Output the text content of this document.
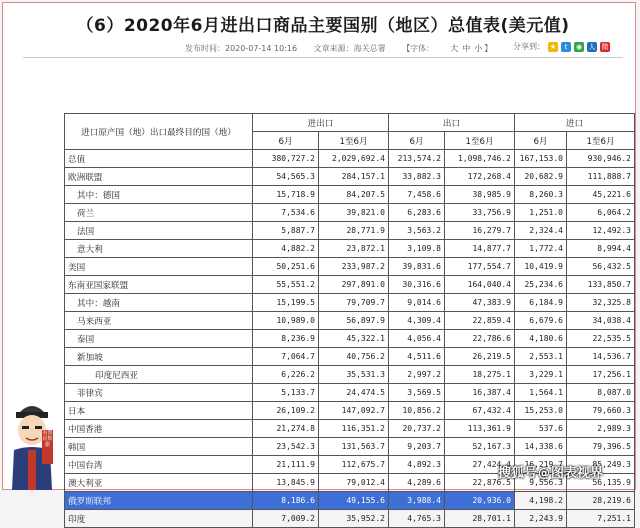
（6）2020年6月进出口商品主要国别（地区）总值表(美元值)
发布时间：2020-07-14 10:16 文章来源：海关总署 【字体： 大 中 小 】	分享到： ★	t	◉ 人 微
进口原产国（地）出口最终目的国（地）	进出口		出口		进口	
	6月	1至6月	6月	1至6月	6月	1至6月
总值	380,727.2	2,029,692.4	213,574.2	1,098,746.2	167,153.0	930,946.2
欧洲联盟	54,565.3	284,157.1	33,882.3	172,268.4	20,682.9	111,888.7
其中：德国	15,718.9	84,207.5	7,458.6	38,985.9	8,260.3	45,221.6
荷兰	7,534.6	39,821.0	6,283.6	33,756.9	1,251.0	6,064.2
法国	5,887.7	28,771.9	3,563.2	16,279.7	2,324.4	12,492.3
意大利	4,882.2	23,872.1	3,109.8	14,877.7	1,772.4	8,994.4
美国	50,251.6	233,987.2	39,831.6	177,554.7	10,419.9	56,432.5
东南亚国家联盟	55,551.2	297,891.0	30,316.6	164,040.4	25,234.6	133,850.7
其中：越南	15,199.5	79,709.7	9,014.6	47,383.9	6,184.9	32,325.8
马来西亚	10,989.0	56,897.9	4,309.4	22,859.4	6,679.6	34,038.4
泰国	8,236.9	45,322.1	4,056.4	22,786.6	4,180.6	22,535.5
新加坡	7,064.7	40,756.2	4,511.6	26,219.5	2,553.1	14,536.7
印度尼西亚	6,226.2	35,531.3	2,997.2	18,275.1	3,229.1	17,256.1
菲律宾	5,133.7	24,474.5	3,569.5	16,387.4	1,564.1	8,087.0
日本	26,109.2	147,092.7	10,856.2	67,432.4	15,253.0	79,660.3
中国香港	21,274.8	116,351.2	20,737.2	113,361.9	537.6	2,989.3
韩国	23,542.3	131,563.7	9,203.7	52,167.3	14,338.6	79,396.5
中国台湾	21,111.9	112,675.7	4,892.3	27,424.4	16,219.7	85,249.3
澳大利亚	13,845.9	79,012.4	4,289.6	22,876.5	9,556.3	56,135.9
俄罗斯联邦	8,186.6	49,155.6	3,988.4	20,936.0	4,198.2	28,219.6
印度	7,009.2	35,952.2	4,765.3	28,701.1	2,243.9	7,251.1
看图说数据
搜狐号@图表视界
